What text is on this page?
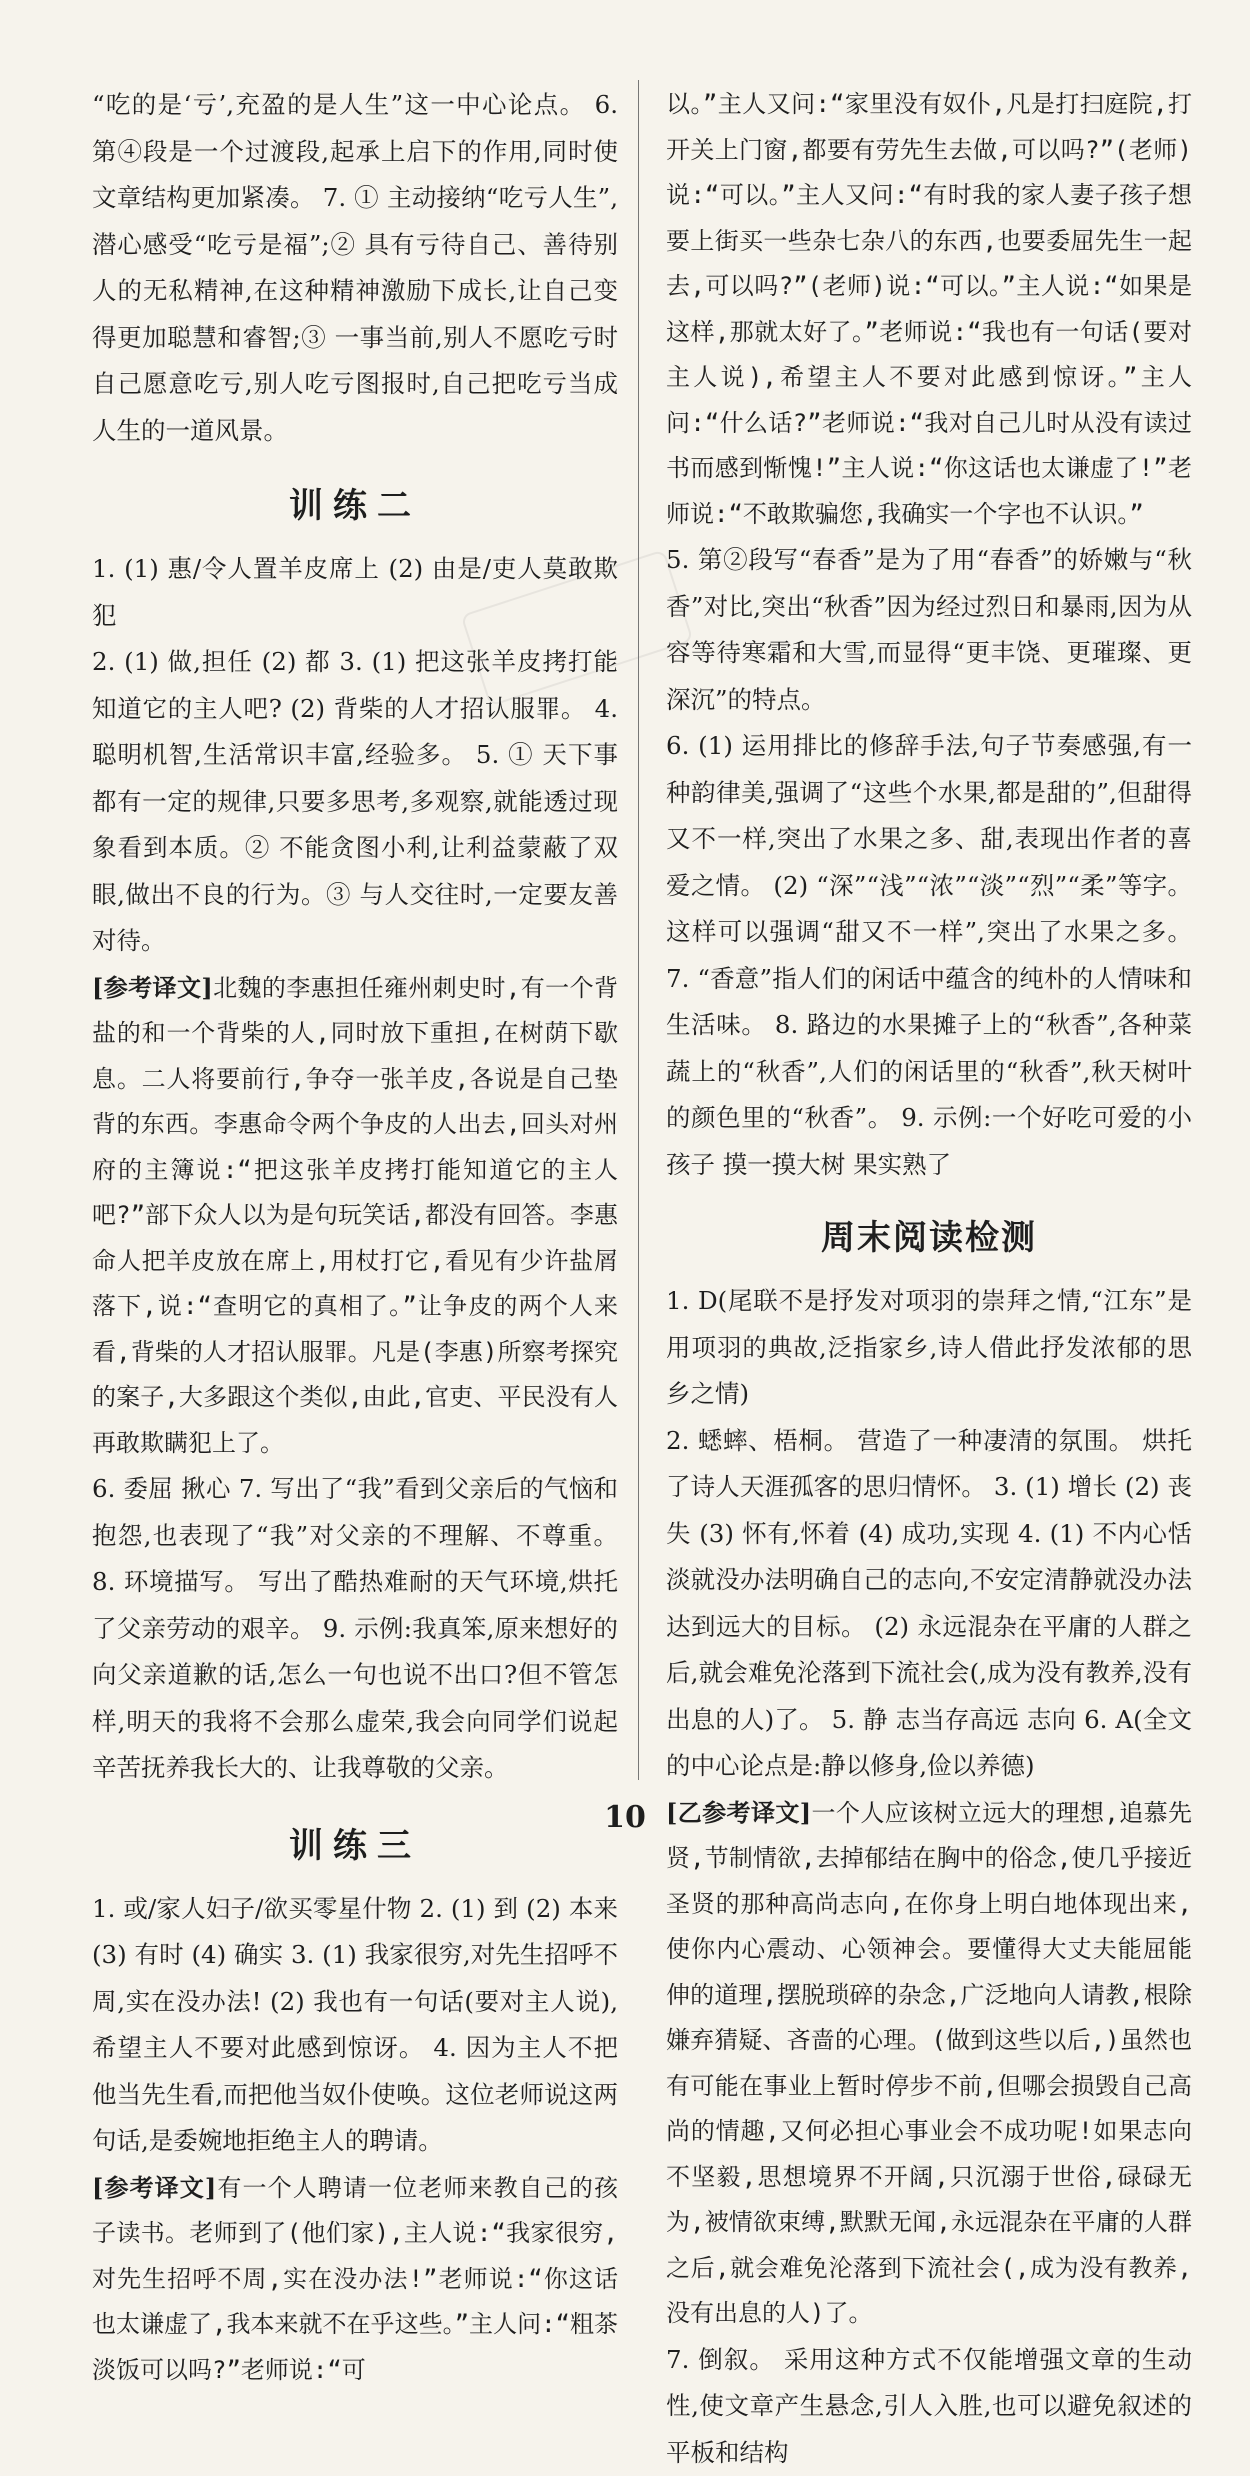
“吃的是‘亏’,充盈的是人生”这一中心论点。 6. 第④段是一个过渡段,起承上启下的作用,同时使文章结构更加紧凑。 7. ① 主动接纳“吃亏人生”,潜心感受“吃亏是福”;② 具有亏待自己、善待别人的无私精神,在这种精神激励下成长,让自己变得更加聪慧和睿智;③ 一事当前,别人不愿吃亏时自己愿意吃亏,别人吃亏图报时,自己把吃亏当成人生的一道风景。

训练二

1. (1) 惠/令人置羊皮席上 (2) 由是/吏人莫敢欺犯

2. (1) 做,担任 (2) 都 3. (1) 把这张羊皮拷打能知道它的主人吧? (2) 背柴的人才招认服罪。 4. 聪明机智,生活常识丰富,经验多。 5. ① 天下事都有一定的规律,只要多思考,多观察,就能透过现象看到本质。② 不能贪图小利,让利益蒙蔽了双眼,做出不良的行为。③ 与人交往时,一定要友善对待。

[参考译文]北魏的李惠担任雍州刺史时,有一个背盐的和一个背柴的人,同时放下重担,在树荫下歇息。二人将要前行,争夺一张羊皮,各说是自己垫背的东西。李惠命令两个争皮的人出去,回头对州府的主簿说:“把这张羊皮拷打能知道它的主人吧?”部下众人以为是句玩笑话,都没有回答。李惠命人把羊皮放在席上,用杖打它,看见有少许盐屑落下,说:“查明它的真相了。”让争皮的两个人来看,背柴的人才招认服罪。凡是(李惠)所察考探究的案子,大多跟这个类似,由此,官吏、平民没有人再敢欺瞒犯上了。

6. 委屈 揪心 7. 写出了“我”看到父亲后的气恼和抱怨,也表现了“我”对父亲的不理解、不尊重。 8. 环境描写。 写出了酷热难耐的天气环境,烘托了父亲劳动的艰辛。 9. 示例:我真笨,原来想好的向父亲道歉的话,怎么一句也说不出口?但不管怎样,明天的我将不会那么虚荣,我会向同学们说起辛苦抚养我长大的、让我尊敬的父亲。

训练三

1. 或/家人妇子/欲买零星什物 2. (1) 到 (2) 本来 (3) 有时 (4) 确实 3. (1) 我家很穷,对先生招呼不周,实在没办法! (2) 我也有一句话(要对主人说),希望主人不要对此感到惊讶。 4. 因为主人不把他当先生看,而把他当奴仆使唤。这位老师说这两句话,是委婉地拒绝主人的聘请。

[参考译文]有一个人聘请一位老师来教自己的孩子读书。老师到了(他们家),主人说:“我家很穷,对先生招呼不周,实在没办法!”老师说:“你这话也太谦虚了,我本来就不在乎这些。”主人问:“粗茶淡饭可以吗?”老师说:“可

以。”主人又问:“家里没有奴仆,凡是打扫庭院,打开关上门窗,都要有劳先生去做,可以吗?”(老师)说:“可以。”主人又问:“有时我的家人妻子孩子想要上街买一些杂七杂八的东西,也要委屈先生一起去,可以吗?”(老师)说:“可以。”主人说:“如果是这样,那就太好了。”老师说:“我也有一句话(要对主人说),希望主人不要对此感到惊讶。”主人问:“什么话?”老师说:“我对自己儿时从没有读过书而感到惭愧!”主人说:“你这话也太谦虚了!”老师说:“不敢欺骗您,我确实一个字也不认识。”

5. 第②段写“春香”是为了用“春香”的娇嫩与“秋香”对比,突出“秋香”因为经过烈日和暴雨,因为从容等待寒霜和大雪,而显得“更丰饶、更璀璨、更深沉”的特点。

6. (1) 运用排比的修辞手法,句子节奏感强,有一种韵律美,强调了“这些个水果,都是甜的”,但甜得又不一样,突出了水果之多、甜,表现出作者的喜爱之情。 (2) “深”“浅”“浓”“淡”“烈”“柔”等字。 这样可以强调“甜又不一样”,突出了水果之多。 7. “香意”指人们的闲话中蕴含的纯朴的人情味和生活味。 8. 路边的水果摊子上的“秋香”,各种菜蔬上的“秋香”,人们的闲话里的“秋香”,秋天树叶的颜色里的“秋香”。 9. 示例:一个好吃可爱的小孩子 摸一摸大树 果实熟了

周末阅读检测

1. D(尾联不是抒发对项羽的崇拜之情,“江东”是用项羽的典故,泛指家乡,诗人借此抒发浓郁的思乡之情)

2. 蟋蟀、梧桐。 营造了一种凄清的氛围。 烘托了诗人天涯孤客的思归情怀。 3. (1) 增长 (2) 丧失 (3) 怀有,怀着 (4) 成功,实现 4. (1) 不内心恬淡就没办法明确自己的志向,不安定清静就没办法达到远大的目标。 (2) 永远混杂在平庸的人群之后,就会难免沦落到下流社会(,成为没有教养,没有出息的人)了。 5. 静 志当存高远 志向 6. A(全文的中心论点是:静以修身,俭以养德)

[乙参考译文]一个人应该树立远大的理想,追慕先贤,节制情欲,去掉郁结在胸中的俗念,使几乎接近圣贤的那种高尚志向,在你身上明白地体现出来,使你内心震动、心领神会。要懂得大丈夫能屈能伸的道理,摆脱琐碎的杂念,广泛地向人请教,根除嫌弃猜疑、吝啬的心理。(做到这些以后,)虽然也有可能在事业上暂时停步不前,但哪会损毁自己高尚的情趣,又何必担心事业会不成功呢!如果志向不坚毅,思想境界不开阔,只沉溺于世俗,碌碌无为,被情欲束缚,默默无闻,永远混杂在平庸的人群之后,就会难免沦落到下流社会(,成为没有教养,没有出息的人)了。

7. 倒叙。 采用这种方式不仅能增强文章的生动性,使文章产生悬念,引人入胜,也可以避免叙述的平板和结构

10
